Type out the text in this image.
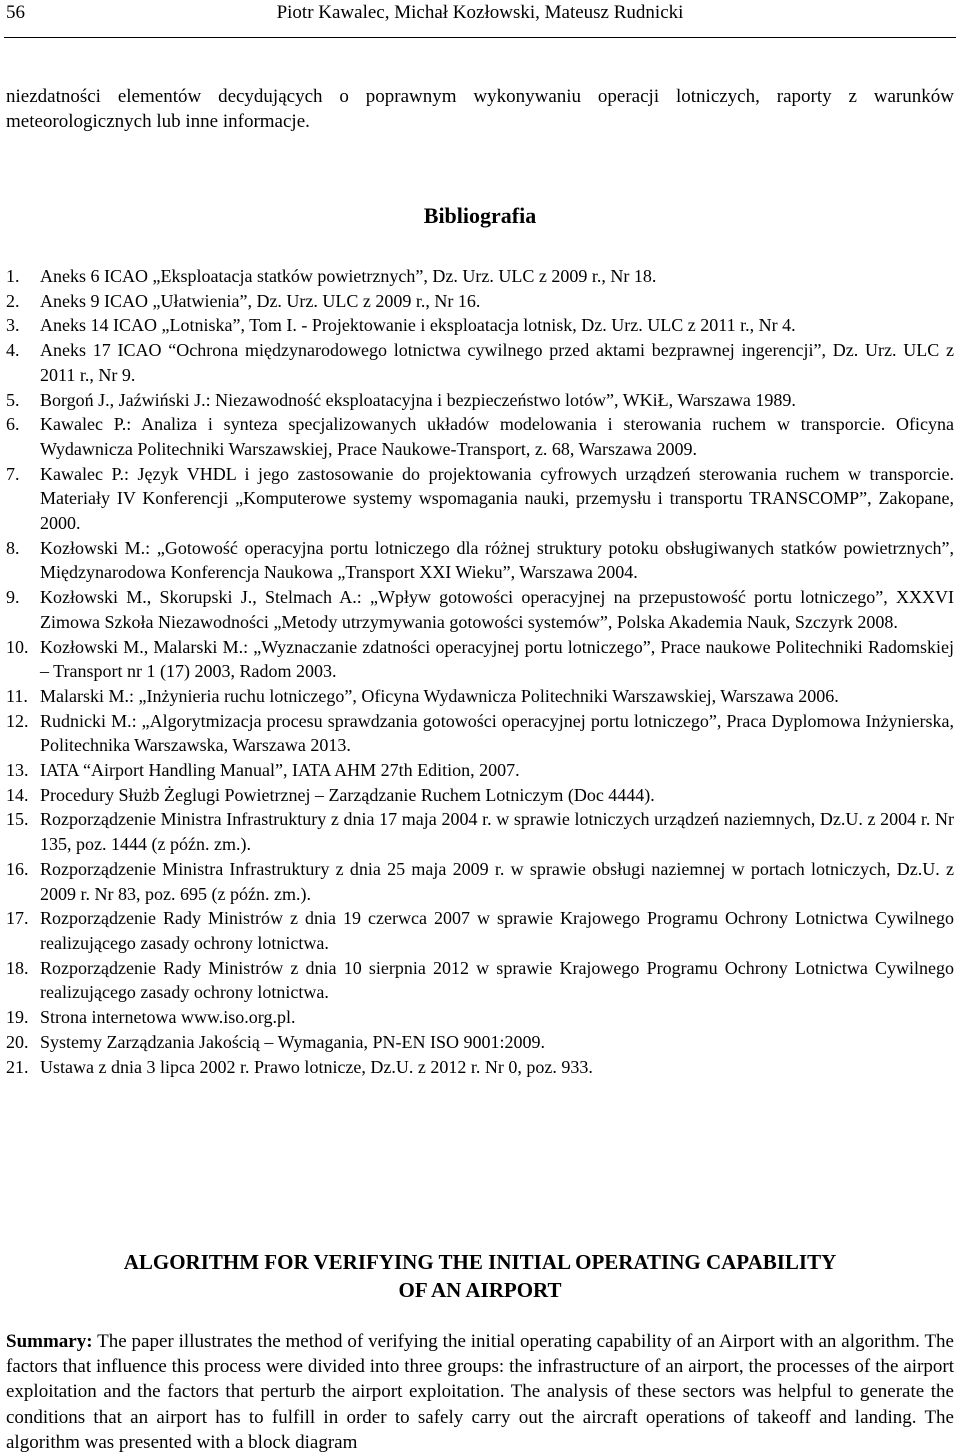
56	Piotr Kawalec, Michał Kozłowski, Mateusz Rudnicki

niezdatności elementów decydujących o poprawnym wykonywaniu operacji lotniczych, raporty z warunków meteorologicznych lub inne informacje.

Bibliografia
1. Aneks 6 ICAO „Eksploatacja statków powietrznych”, Dz. Urz. ULC z 2009 r., Nr 18.
2. Aneks 9 ICAO „Ułatwienia”, Dz. Urz. ULC z 2009 r., Nr 16.
3. Aneks 14 ICAO „Lotniska”, Tom I. - Projektowanie i eksploatacja lotnisk, Dz. Urz. ULC z 2011 r., Nr 4.
4. Aneks 17 ICAO “Ochrona międzynarodowego lotnictwa cywilnego przed aktami bezprawnej ingerencji”, Dz. Urz. ULC z 2011 r., Nr 9.
5. Borgoń J., Jaźwiński J.: Niezawodność eksploatacyjna i bezpieczeństwo lotów”, WKiŁ, Warszawa 1989.
6. Kawalec P.: Analiza i synteza specjalizowanych układów modelowania i sterowania ruchem w transporcie. Oficyna Wydawnicza Politechniki Warszawskiej, Prace Naukowe-Transport, z. 68, Warszawa 2009.
7. Kawalec P.: Język VHDL i jego zastosowanie do projektowania cyfrowych urządzeń sterowania ruchem w transporcie. Materiały IV Konferencji „Komputerowe systemy wspomagania nauki, przemysłu i transportu TRANSCOMP”, Zakopane, 2000.
8. Kozłowski M.: „Gotowość operacyjna portu lotniczego dla różnej struktury potoku obsługiwanych statków powietrznych”, Międzynarodowa Konferencja Naukowa „Transport XXI Wieku”, Warszawa 2004.
9. Kozłowski M., Skorupski J., Stelmach A.: „Wpływ gotowości operacyjnej na przepustowość portu lotniczego”, XXXVI Zimowa Szkoła Niezawodności „Metody utrzymywania gotowości systemów”, Polska Akademia Nauk, Szczyrk 2008.
10. Kozłowski M., Malarski M.: „Wyznaczanie zdatności operacyjnej portu lotniczego”, Prace naukowe Politechniki Radomskiej – Transport nr 1 (17) 2003, Radom 2003.
11. Malarski M.: „Inżynieria ruchu lotniczego”, Oficyna Wydawnicza Politechniki Warszawskiej, Warszawa 2006.
12. Rudnicki M.: „Algorytmizacja procesu sprawdzania gotowości operacyjnej portu lotniczego”, Praca Dyplomowa Inżynierska, Politechnika Warszawska, Warszawa 2013.
13. IATA “Airport Handling Manual”, IATA AHM 27th Edition, 2007.
14. Procedury Służb Żeglugi Powietrznej – Zarządzanie Ruchem Lotniczym (Doc 4444).
15. Rozporządzenie Ministra Infrastruktury z dnia 17 maja 2004 r. w sprawie lotniczych urządzeń naziemnych, Dz.U. z 2004 r. Nr 135, poz. 1444 (z późn. zm.).
16. Rozporządzenie Ministra Infrastruktury z dnia 25 maja 2009 r. w sprawie obsługi naziemnej w portach lotniczych, Dz.U. z 2009 r. Nr 83, poz. 695 (z późn. zm.).
17. Rozporządzenie Rady Ministrów z dnia 19 czerwca 2007 w sprawie Krajowego Programu Ochrony Lotnictwa Cywilnego realizującego zasady ochrony lotnictwa.
18. Rozporządzenie Rady Ministrów z dnia 10 sierpnia 2012 w sprawie Krajowego Programu Ochrony Lotnictwa Cywilnego realizującego zasady ochrony lotnictwa.
19. Strona internetowa www.iso.org.pl.
20. Systemy Zarządzania Jakością – Wymagania, PN-EN ISO 9001:2009.
21. Ustawa z dnia 3 lipca 2002 r. Prawo lotnicze, Dz.U. z 2012 r. Nr 0, poz. 933.
ALGORITHM FOR VERIFYING THE INITIAL OPERATING CAPABILITY
OF AN AIRPORT

Summary: The paper illustrates the method of verifying the initial operating capability of an Airport with an algorithm. The factors that influence this process were divided into three groups: the infrastructure of an airport, the processes of the airport exploitation and the factors that perturb the airport exploitation. The analysis of these sectors was helpful to generate the conditions that an airport has to fulfill in order to safely carry out the aircraft operations of takeoff and landing. The algorithm was presented with a block diagram
